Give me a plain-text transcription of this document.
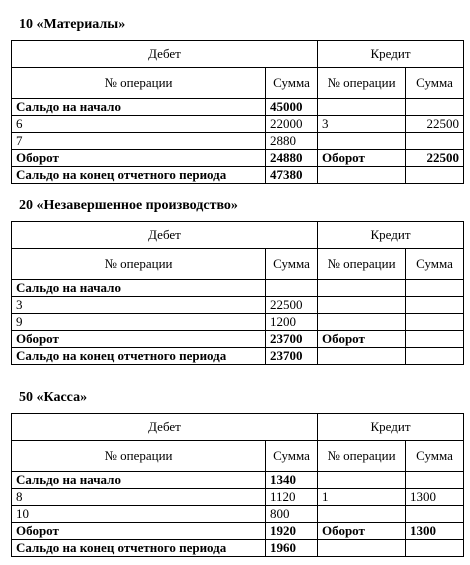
10 «Материалы»
Дебет		Кредит	
№ операции	Сумма	№ операции	Сумма
Сальдо на начало	45000		
6	22000	3	22500
7	2880		
Оборот	24880	Оборот	22500
Сальдо на конец отчетного периода	47380		
20 «Незавершенное производство»
Дебет		Кредит	
№ операции	Сумма	№ операции	Сумма
Сальдо на начало			
3	22500		
9	1200		
Оборот	23700	Оборот	
Сальдо на конец отчетного периода	23700		
50 «Касса»
Дебет		Кредит	
№ операции	Сумма	№ операции	Сумма
Сальдо на начало	1340		
8	1120	1	1300
10	800		
Оборот	1920	Оборот	1300
Сальдо на конец отчетного периода	1960		
